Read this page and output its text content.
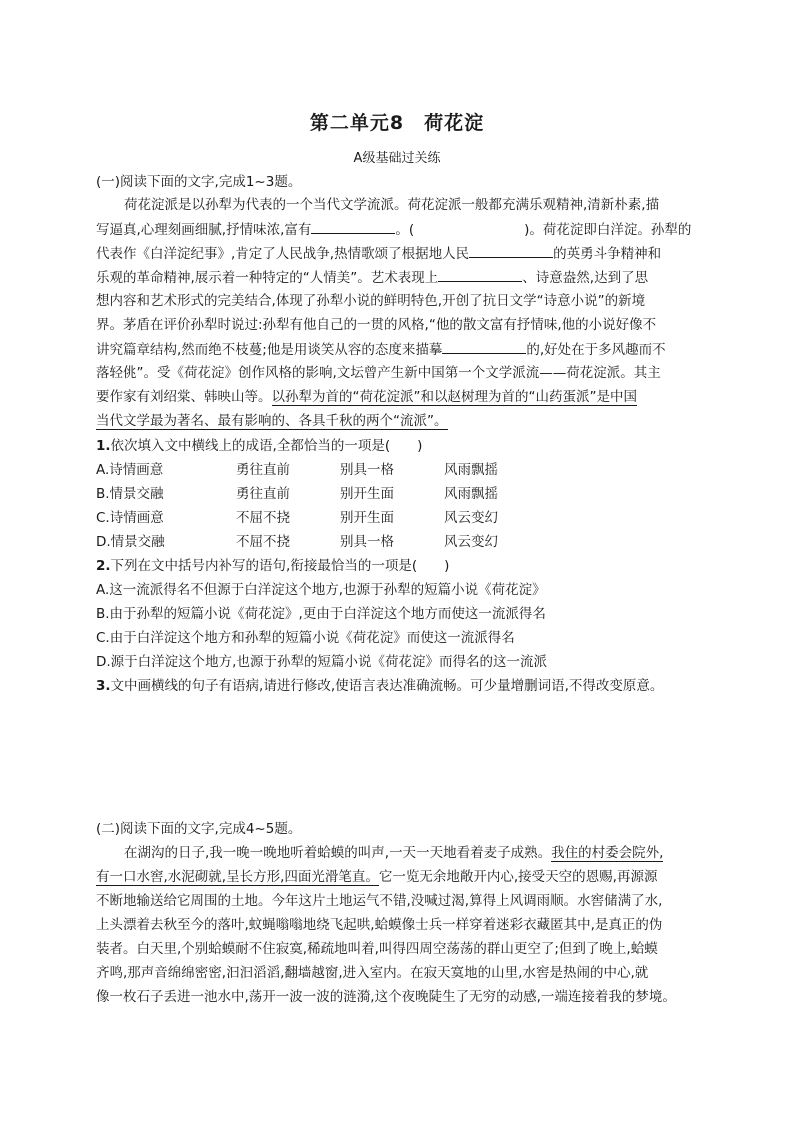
第二单元8　荷花淀
A级基础过关练
(一)阅读下面的文字,完成1~3题。
荷花淀派是以孙犁为代表的一个当代文学流派。荷花淀派一般都充满乐观精神,清新朴素,描
写逼真,心理刻画细腻,抒情味浓,富有	。(	)。荷花淀即白洋淀。孙犁的
代表作《白洋淀纪事》,肯定了人民战争,热情歌颂了根据地人民	的英勇斗争精神和
乐观的革命精神,展示着一种特定的“人情美”。艺术表现上	、诗意盎然,达到了思
想内容和艺术形式的完美结合,体现了孙犁小说的鲜明特色,开创了抗日文学“诗意小说”的新境
界。茅盾在评价孙犁时说过:孙犁有他自己的一贯的风格,“他的散文富有抒情味,他的小说好像不
讲究篇章结构,然而绝不枝蔓;他是用谈笑从容的态度来描摹	的,好处在于多风趣而不
落轻佻”。受《荷花淀》创作风格的影响,文坛曾产生新中国第一个文学派流——荷花淀派。其主
要作家有刘绍棠、韩映山等。以孙犁为首的“荷花淀派”和以赵树理为首的“山药蛋派”是中国
当代文学最为著名、最有影响的、各具千秋的两个“流派”。
1.依次填入文中横线上的成语,全都恰当的一项是(　　)
A.诗情画意	勇往直前	别具一格	风雨飘摇
B.情景交融	勇往直前	别开生面	风雨飘摇
C.诗情画意	不屈不挠	别开生面	风云变幻
D.情景交融	不屈不挠	别具一格	风云变幻
2.下列在文中括号内补写的语句,衔接最恰当的一项是(　　)
A.这一流派得名不但源于白洋淀这个地方,也源于孙犁的短篇小说《荷花淀》
B.由于孙犁的短篇小说《荷花淀》,更由于白洋淀这个地方而使这一流派得名
C.由于白洋淀这个地方和孙犁的短篇小说《荷花淀》而使这一流派得名
D.源于白洋淀这个地方,也源于孙犁的短篇小说《荷花淀》而得名的这一流派
3.文中画横线的句子有语病,请进行修改,使语言表达准确流畅。可少量增删词语,不得改变原意。
(二)阅读下面的文字,完成4~5题。
在湖沟的日子,我一晚一晚地听着蛤蟆的叫声,一天一天地看着麦子成熟。我住的村委会院外,
有一口水窖,水泥砌就,呈长方形,四面光滑笔直。它一览无余地敞开内心,接受天空的恩赐,再源源
不断地输送给它周围的土地。今年这片土地运气不错,没喊过渴,算得上风调雨顺。水窖储满了水,
上头漂着去秋至今的落叶,蚊蝇嗡嗡地绕飞起哄,蛤蟆像士兵一样穿着迷彩衣藏匿其中,是真正的伪
装者。白天里,个别蛤蟆耐不住寂寞,稀疏地叫着,叫得四周空荡荡的群山更空了;但到了晚上,蛤蟆
齐鸣,那声音绵绵密密,汩汩滔滔,翻墙越窗,进入室内。在寂天寞地的山里,水窖是热闹的中心,就
像一枚石子丢进一池水中,荡开一波一波的涟漪,这个夜晚陡生了无穷的动感,一端连接着我的梦境。
